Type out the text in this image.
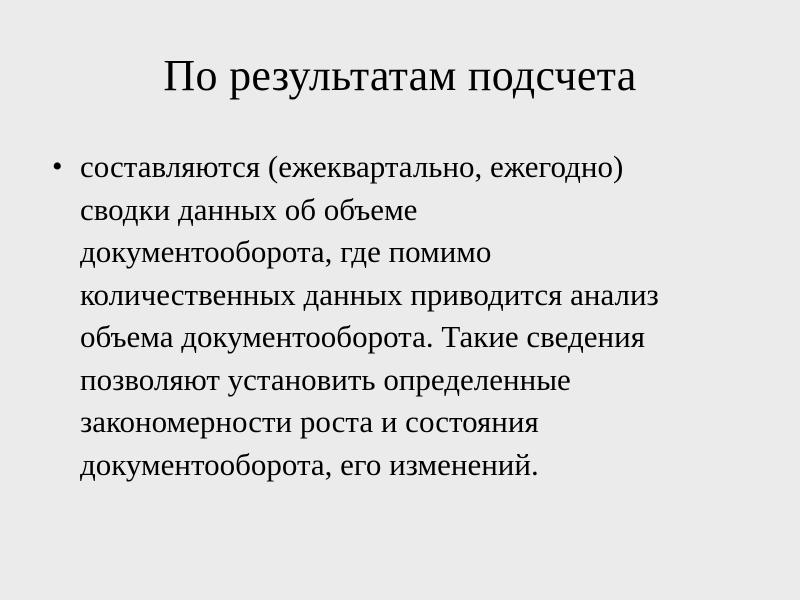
По результатам подсчета
• составляются (ежеквартально, ежегодно)
сводки данных об объеме
документооборота, где помимо
количественных данных приводится анализ
объема документооборота. Такие сведения
позволяют установить определенные
закономерности роста и состояния
документооборота, его изменений.
